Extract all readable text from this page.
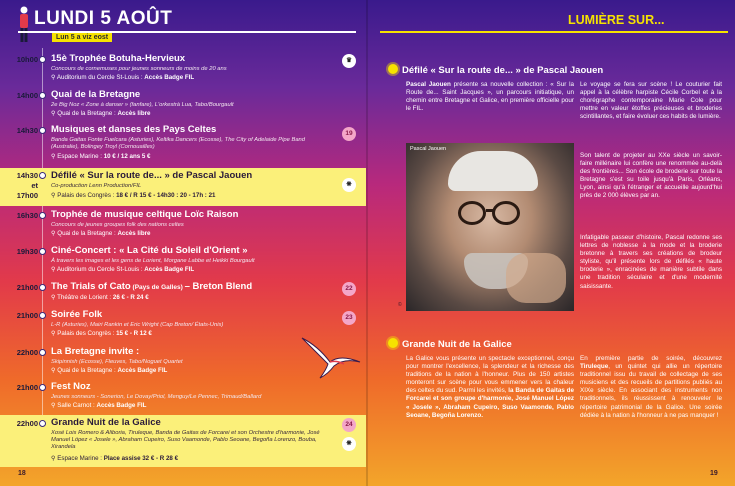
LUNDI 5 AOÛT
Lun 5 a viz eost
10h00 15è Trophée Botuha-Hervieux
Concours de cornemuses pour jeunes sonneurs de moins de 20 ans
⚲ Auditorium du Cercle St-Louis : Accès Badge FIL
♛
14h00 Quai de la Bretagne
2e Big Noz « Zone à danser » (fanfare), L'orkestrà Lua, Tabo/Bourgault
⚲ Quai de la Bretagne : Accès libre
14h30 Musiques et danses des Pays Celtes
Banda Gaitas Fonte Fuelcara (Asturies), Keltika Dancers (Ecosse), The City of Adelaide Pipe Band (Australie), Bolingey Troyl (Cornouailles)
⚲ Espace Marine : 10 € / 12 ans 5 €
19
14h30
et
17h00
Défilé « Sur la route de... » de Pascal Jaouen
Co-production Lenn Production/FIL
⚲ Palais des Congrès : 18 € / R 15 € - 14h30 : 20 - 17h : 21
❋
16h30 Trophée de musique celtique Loïc Raison
Concours de jeunes groupes folk des nations celtes
⚲ Quai de la Bretagne : Accès libre
19h30 Ciné-Concert : « La Cité du Soleil d'Orient »
À travers les images et les gens de Lorient, Morgane Labbe et Heikki Bourgault
⚲ Auditorium du Cercle St-Louis : Accès Badge FIL
21h00 The Trials of Cato (Pays de Galles) – Breton Blend
⚲ Théâtre de Lorient : 26 € - R 24 €
22
21h00 Soirée Folk
L-R (Asturies), Mairi Rankin et Eric Wright (Cap Breton/ États-Unis)
⚲ Palais des Congrès : 15 € - R 12 €
23
22h00 La Bretagne invite :
Skipinnish (Ecosse), Fleuves, Tabo/Noguet Quartet
⚲ Quai de la Bretagne : Accès Badge FIL
21h00 Fest Noz
Jeunes sonneurs - Sonerion, Le Dovay/Priol, Menguy/Le Pennec, Trimaud/Ballard
⚲ Salle Carnot : Accès Badge FIL
22h00 Grande Nuit de la Galice
Xosé Lois Romero & Aliboria, Tiruleque, Banda de Gaitas de Forcarei et son Orchestre d'harmonie, José Manuel López « Josele », Abraham Cupeiro, Suso Vaamonde, Pablo Seoane, Begoña Lorenzo, Bouba, Xirandela
⚲ Espace Marine : Place assise 32 € - R 28 €
24
❋
18
LUMIÈRE SUR...
Défilé « Sur la route de... » de Pascal Jaouen
Pascal Jaouen présente sa nouvelle collection : « Sur la Route de... Saint Jacques », un parcours initiatique, un chemin entre Bretagne et Galice, en première officielle pour le FIL.
Pascal Jaouen
©
Le voyage se fera sur scène ! Le couturier fait appel à la célèbre harpiste Cécile Corbel et à la chorégraphe contemporaine Marie Cole pour mettre en valeur étoffes précieuses et broderies scintillantes, et faire évoluer ces habits de lumière.
Son talent de projeter au XXe siècle un savoir-faire millénaire lui confère une renommée au-delà des frontières... Son école de broderie sur toute la Bretagne s'est su toile jusqu'à Paris, Orléans, Lyon, ainsi qu'à l'étranger et accueille aujourd'hui près de 2 000 élèves par an.
Infatigable passeur d'histoire, Pascal redonne ses lettres de noblesse à la mode et la broderie bretonne à travers ses créations de brodeur styliste, qu'il présente lors de défilés « haute broderie », enracinées de manière subtile dans une tradition séculaire et d'une modernité saisissante.
Grande Nuit de la Galice
La Galice vous présente un spectacle exceptionnel, conçu pour montrer l'excellence, la splendeur et la richesse des traditions de la nation à l'honneur. Plus de 150 artistes monteront sur scène pour vous emmener vers la chaleur des celtes du sud. Parmi les invités, la Banda de Gaitas de Forcarei et son groupe d'harmonie, José Manuel López « Josele », Abraham Cupeiro, Suso Vaamonde, Pablo Seoane, Begoña Lorenzo.
En première partie de soirée, découvrez Tiruleque, un quintet qui allie un répertoire traditionnel issu du travail de collectage de ses musiciens et des recueils de partitions publiés au XIXe siècle. En associant des instruments non traditionnels, ils réussissent à renouveler le répertoire patrimonial de la Galice. Une soirée dédiée à la nation à l'honneur à ne pas manquer !
19
